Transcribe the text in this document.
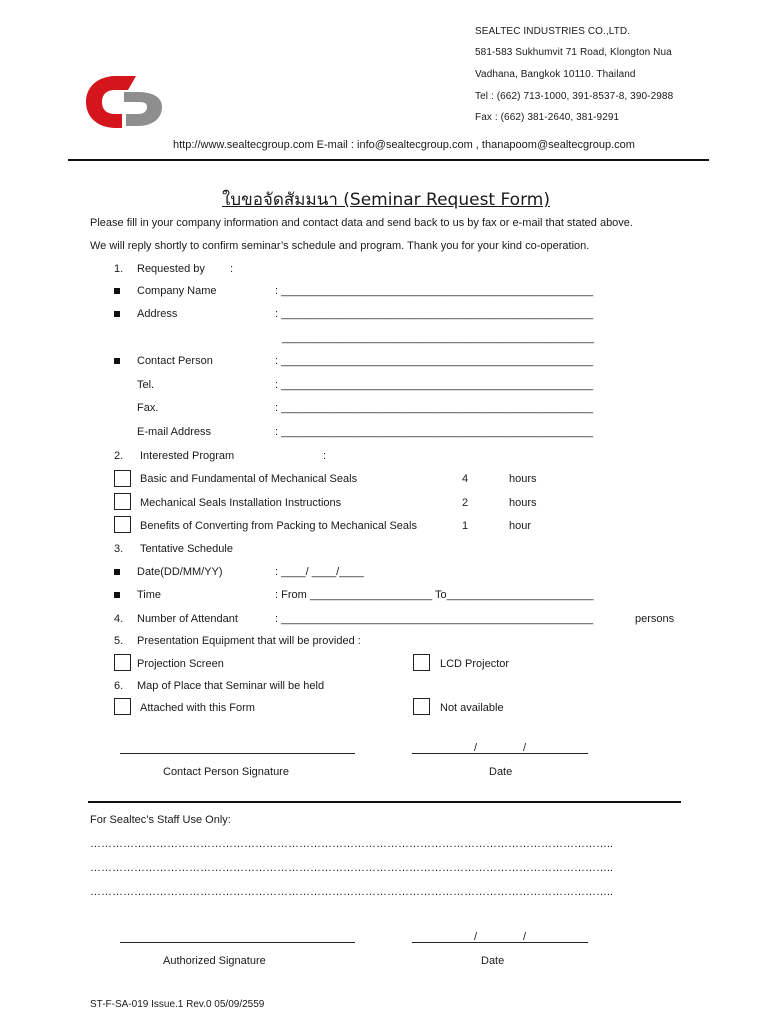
SEALTEC INDUSTRIES CO.,LTD.
581-583 Sukhumvit 71 Road, Klongton Nua
Vadhana, Bangkok 10110. Thailand
Tel : (662) 713-1000, 391-8537-8, 390-2988
Fax : (662) 381-2640, 381-9291
http://www.sealtecgroup.com E-mail : info@sealtecgroup.com , thanapoom@sealtecgroup.com
ใบขอจัดสัมมนา (Seminar Request Form)
Please fill in your company information and contact data and send back to us by fax or e-mail that stated above.
We will reply shortly to confirm seminar’s schedule and program. Thank you for your kind co-operation.
1. Requested by :
Company Name	: ___________________________________________________
Address	: ___________________________________________________
___________________________________________________
Contact Person	: ___________________________________________________
Tel.	: ___________________________________________________
Fax.	: ___________________________________________________
E-mail Address	: ___________________________________________________
2. Interested Program	:
Basic and Fundamental of Mechanical Seals	4	hours
Mechanical Seals Installation Instructions	2	hours
Benefits of Converting from Packing to Mechanical Seals	1	hour
3. Tentative Schedule
Date(DD/MM/YY)	: ____/ ____/____
Time	: From ____________________ To________________________
4. Number of Attendant	: ___________________________________________________	persons
5. Presentation Equipment that will be provided :
Projection Screen	LCD Projector
6. Map of Place that Seminar will be held
Attached with this Form	Not available
/	/
Contact Person Signature	Date
For Sealtec’s Staff Use Only:
……………………………………………………………………………………………………………………………..
……………………………………………………………………………………………………………………………..
……………………………………………………………………………………………………………………………..
/	/
Authorized Signature	Date
ST-F-SA-019 Issue.1 Rev.0 05/09/2559
